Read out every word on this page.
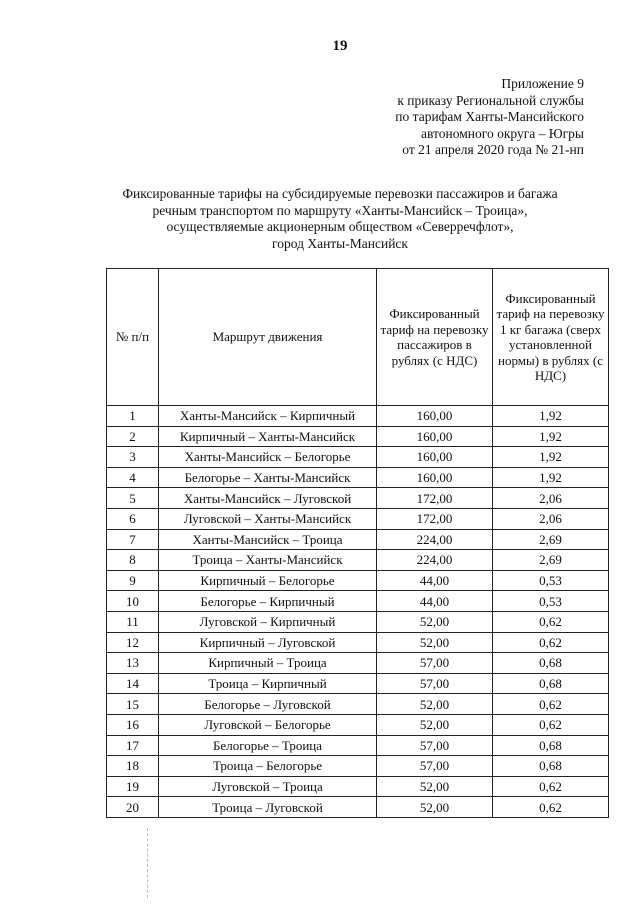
19
Приложение 9
к приказу Региональной службы
по тарифам Ханты-Мансийского
автономного округа – Югры
от 21 апреля 2020 года № 21-нп
Фиксированные тарифы на субсидируемые перевозки пассажиров и багажа
речным транспортом по маршруту «Ханты-Мансийск – Троица»,
осуществляемые акционерным обществом «Северречфлот»,
город Ханты-Мансийск
№ п/п	Маршрут движения	Фиксированный тариф на перевозку пассажиров в рублях (с НДС)	Фиксированный тариф на перевозку 1 кг багажа (сверх установленной нормы) в рублях (с НДС)
1	Ханты-Мансийск – Кирпичный	160,00	1,92
2	Кирпичный – Ханты-Мансийск	160,00	1,92
3	Ханты-Мансийск – Белогорье	160,00	1,92
4	Белогорье – Ханты-Мансийск	160,00	1,92
5	Ханты-Мансийск – Луговской	172,00	2,06
6	Луговской – Ханты-Мансийск	172,00	2,06
7	Ханты-Мансийск – Троица	224,00	2,69
8	Троица – Ханты-Мансийск	224,00	2,69
9	Кирпичный – Белогорье	44,00	0,53
10	Белогорье – Кирпичный	44,00	0,53
11	Луговской – Кирпичный	52,00	0,62
12	Кирпичный – Луговской	52,00	0,62
13	Кирпичный – Троица	57,00	0,68
14	Троица – Кирпичный	57,00	0,68
15	Белогорье – Луговской	52,00	0,62
16	Луговской – Белогорье	52,00	0,62
17	Белогорье – Троица	57,00	0,68
18	Троица – Белогорье	57,00	0,68
19	Луговской – Троица	52,00	0,62
20	Троица – Луговской	52,00	0,62
